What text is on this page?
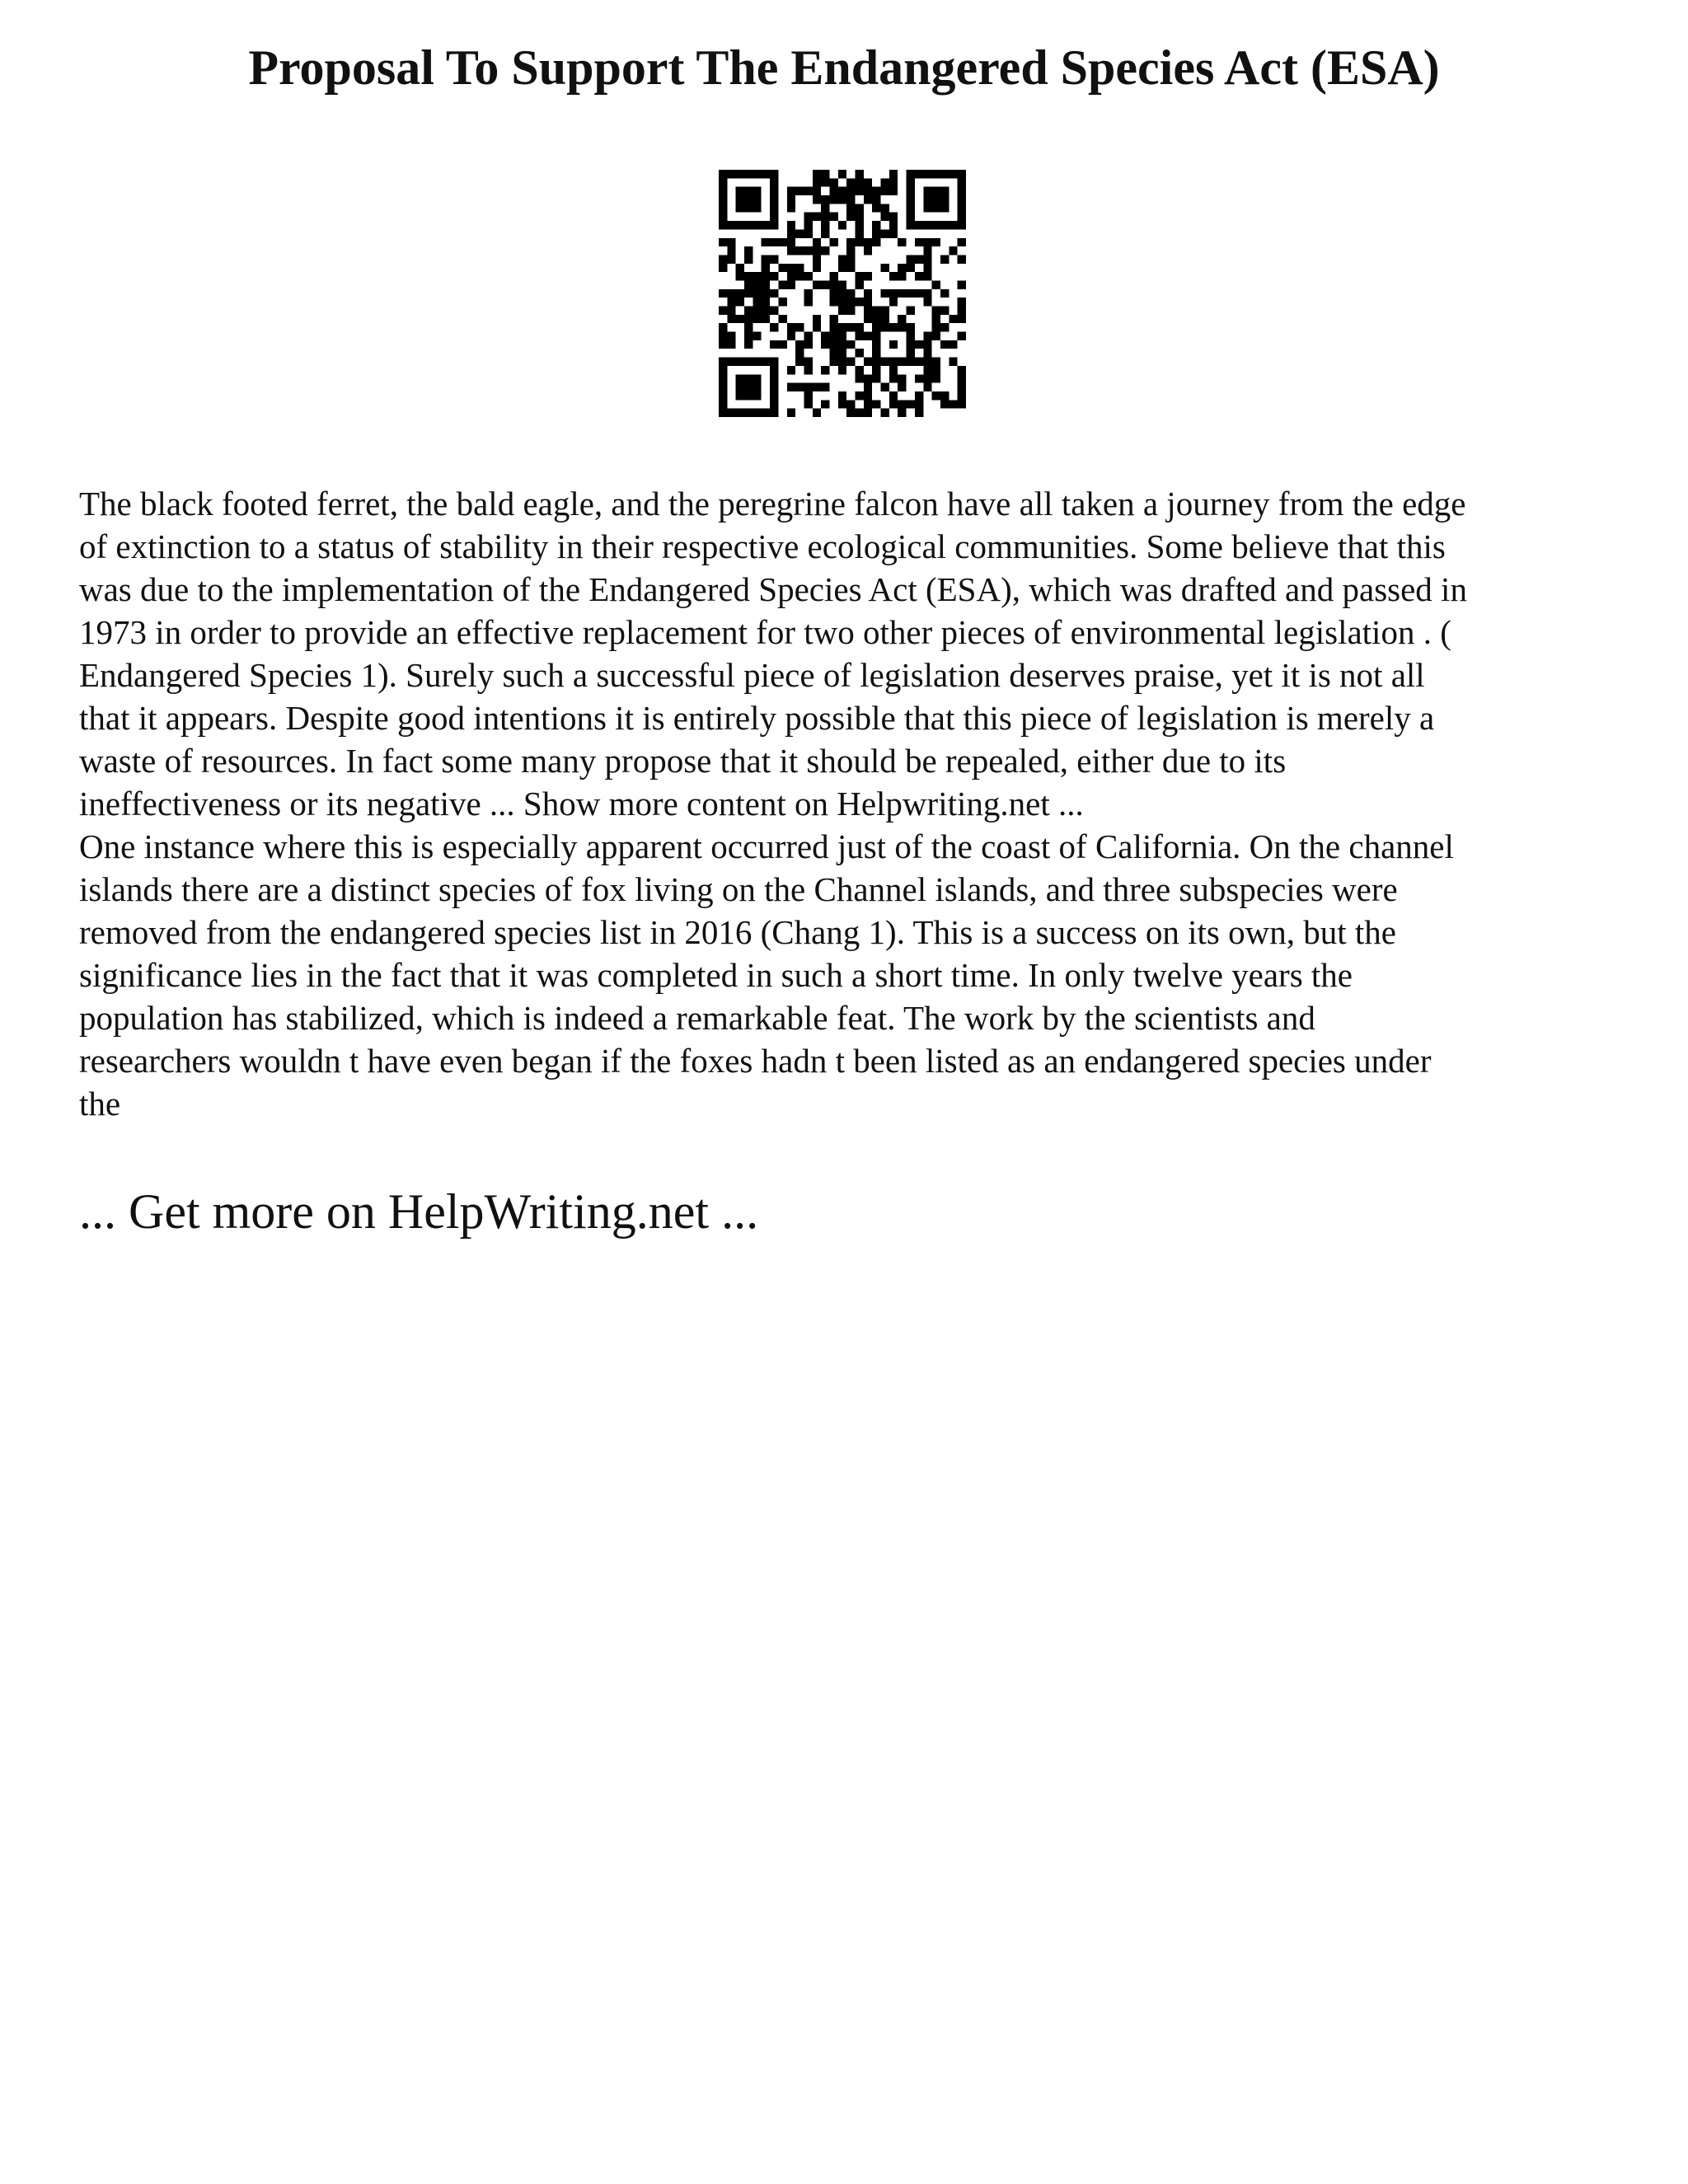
Proposal To Support The Endangered Species Act (ESA)

The black footed ferret, the bald eagle, and the peregrine falcon have all taken a journey from the edge
of extinction to a status of stability in their respective ecological communities. Some believe that this
was due to the implementation of the Endangered Species Act (ESA), which was drafted and passed in
1973 in order to provide an effective replacement for two other pieces of environmental legislation . (
Endangered Species 1). Surely such a successful piece of legislation deserves praise, yet it is not all
that it appears. Despite good intentions it is entirely possible that this piece of legislation is merely a
waste of resources. In fact some many propose that it should be repealed, either due to its
ineffectiveness or its negative ... Show more content on Helpwriting.net ...

One instance where this is especially apparent occurred just of the coast of California. On the channel
islands there are a distinct species of fox living on the Channel islands, and three subspecies were
removed from the endangered species list in 2016 (Chang 1). This is a success on its own, but the
significance lies in the fact that it was completed in such a short time. In only twelve years the
population has stabilized, which is indeed a remarkable feat. The work by the scientists and
researchers wouldn t have even began if the foxes hadn t been listed as an endangered species under
the

... Get more on HelpWriting.net ...
